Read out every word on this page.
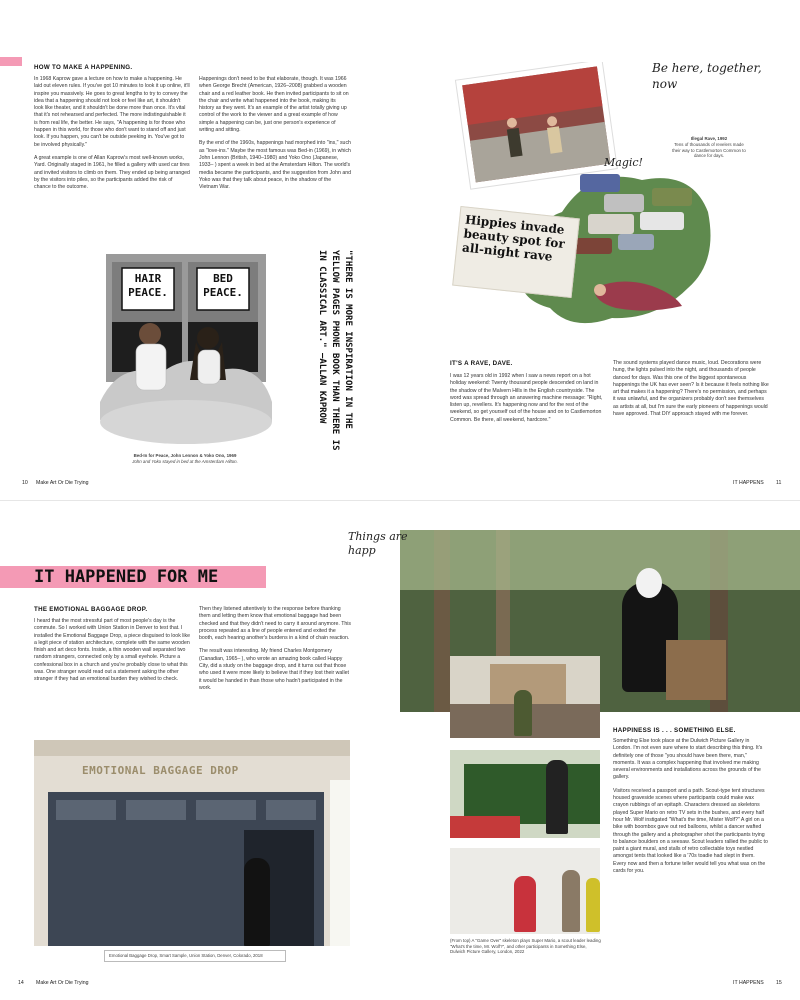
HOW TO MAKE A HAPPENING.

In 1968 Kaprow gave a lecture on how to make a happening. He laid out eleven rules. If you've got 10 minutes to look it up online, it'll inspire you massively. He goes to great lengths to try to convey the idea that a happening should not look or feel like art, it shouldn't look like theater, and it shouldn't be done more than once. It's vital that it's not rehearsed and perfected. The more indistinguishable it is from real life, the better. He says, "A happening is for those who happen in this world, for those who don't want to stand off and just look. If you happen, you can't be outside peeking in. You've got to be involved physically."

A great example is one of Allan Kaprow's most well-known works, Yard. Originally staged in 1961, he filled a gallery with used car tires and invited visitors to climb on them. They ended up being arranged by the visitors into piles, so the participants added the risk of chance to the outcome.

Happenings don't need to be that elaborate, though. It was 1966 when George Brecht (American, 1926–2008) grabbed a wooden chair and a red leather book. He then invited participants to sit on the chair and write what happened into the book, making its history as they went. It's an example of the artist totally giving up control of the work to the viewer and a great example of how simple a happening can be, just one person's experience of writing and sitting.

By the end of the 1960s, happenings had morphed into "ins," such as "love-ins." Maybe the most famous was Bed-in (1969), in which John Lennon (British, 1940–1980) and Yoko Ono (Japanese, 1933– ) spent a week in bed at the Amsterdam Hilton. The world's media became the participants, and the suggestion from John and Yoko was that they talk about peace, in the shadow of the Vietnam War.

HAIR PEACE.
BED PEACE.
Bed-In for Peace, John Lennon & Yoko Ono, 1969
John and Yoko stayed in bed at the Amsterdam Hilton.
"THERE IS MORE INSPIRATION IN THE YELLOW PAGES PHONE BOOK THAN THERE IS IN CLASSICAL ART." —ALLAN KAPROW
10 Make Art Or Die Trying
Be here, together, now
Magic!
Hippies invade beauty spot for all-night rave
Illegal Rave, 1992
Tens of thousands of revelers made their way to Castlemorton Common to dance for days.
IT'S A RAVE, DAVE.

I was 12 years old in 1992 when I saw a news report on a hot holiday weekend: Twenty thousand people descended on land in the shadow of the Malvern Hills in the English countryside. The word was spread through an answering machine message: "Right, listen up, revellers. It's happening now and for the rest of the weekend, so get yourself out of the house and on to Castlemorton Common. Be there, all weekend, hardcore."

The sound systems played dance music, loud. Decorations were hung, the lights pulsed into the night, and thousands of people danced for days. Was this one of the biggest spontaneous happenings the UK has ever seen? Is it because it feels nothing like art that makes it a happening? There's no permission, and perhaps it was unlawful, and the organizers probably don't see themselves as artists at all, but I'm sure the early pioneers of happenings would have approved. That DIY approach stayed with me forever.

IT HAPPENS 11
IT HAPPENED FOR ME
THE EMOTIONAL BAGGAGE DROP.

I heard that the most stressful part of most people's day is the commute. So I worked with Union Station in Denver to test that. I installed the Emotional Baggage Drop, a piece disguised to look like a legit piece of station architecture, complete with the same wooden finish and art deco fonts. Inside, a thin wooden wall separated two random strangers, connected only by a small eyehole. Picture a confessional box in a church and you're probably close to what this was. One stranger would read out a statement asking the other stranger if they had an emotional burden they wished to check.

Then they listened attentively to the response before thanking them and letting them know that emotional baggage had been checked and that they didn't need to carry it around anymore. This process repeated as a line of people entered and exited the booth, each hearing another's burdens in a kind of chain reaction.

The result was interesting. My friend Charles Montgomery (Canadian, 1965– ), who wrote an amazing book called Happy City, did a study on the baggage drop, and it turns out that those who used it were more likely to believe that if they lost their wallet it would be handed in than those who hadn't participated in the work.

EMOTIONAL BAGGAGE DROP
Emotional Baggage Drop, Smart Sample, Union Station, Denver, Colorado, 2018
14 Make Art Or Die Trying
Things are happ
HAPPINESS IS . . . SOMETHING ELSE.

Something Else took place at the Dulwich Picture Gallery in London. I'm not even sure where to start describing this thing. It's definitely one of those "you should have been there, man," moments. It was a complex happening that involved me making several environments and installations across the grounds of the gallery.

Visitors received a passport and a path. Scout-type tent structures housed graveside scenes where participants could make wax crayon rubbings of an epitaph. Characters dressed as skeletons played Super Mario on retro TV sets in the bushes, and every half hour Mr. Wolf instigated "What's the time, Mister Wolf?" A girl on a bike with boombox gave out red balloons, whilst a dancer wafted through the gallery and a photographer shot the participants trying to balance boulders on a seesaw. Scout leaders rallied the public to paint a giant mural, and stalls of retro collectable toys nestled amongst tents that looked like a '70s toadie had slept in them. Every now and then a fortune teller would tell you what was on the cards for you.

(From top) A "Game Over" skeleton plays Super Mario, a scout leader leading "What's the time, Mr. Wolf?", and other participants in Something Else, Dulwich Picture Gallery, London, 2022
IT HAPPENS 15
